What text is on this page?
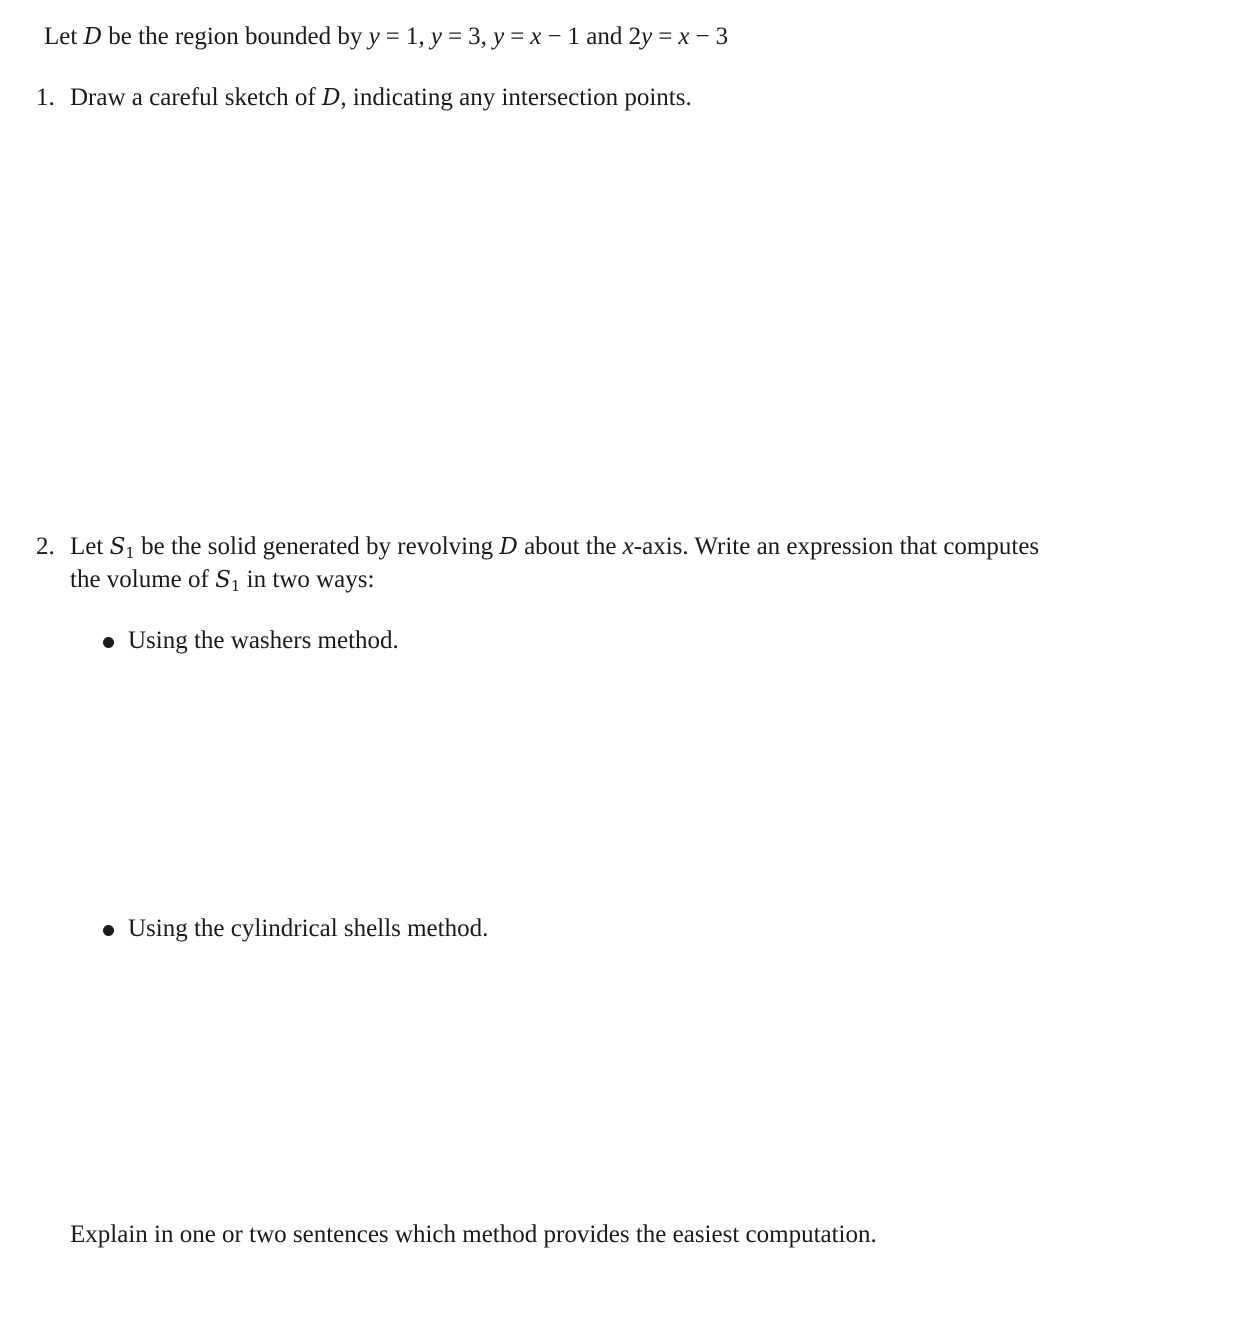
Let D be the region bounded by y = 1, y = 3, y = x − 1 and 2y = x − 3
1. Draw a careful sketch of D, indicating any intersection points.
2. Let $S_1$ be the solid generated by revolving D about the x-axis. Write an expression that computes
the volume of $S_1$ in two ways:
Using the washers method.
Using the cylindrical shells method.
Explain in one or two sentences which method provides the easiest computation.
